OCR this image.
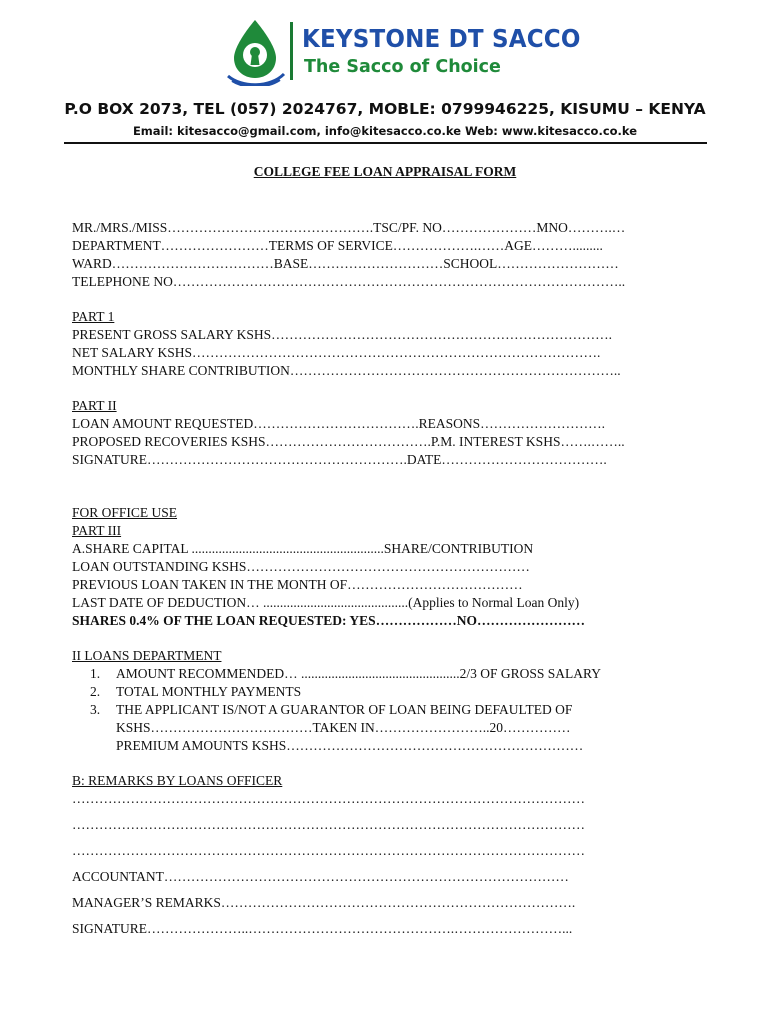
KEYSTONE DT SACCO
The Sacco of Choice
P.O BOX 2073, TEL (057) 2024767, MOBLE: 0799946225, KISUMU – KENYA
Email: kitesacco@gmail.com, info@kitesacco.co.ke Web: www.kitesacco.co.ke
COLLEGE FEE LOAN APPRAISAL FORM
MR./MRS./MISS……………………………………….TSC/PF. NO…………………MNO……….…
DEPARTMENT……………………TERMS OF SERVICE……………….……AGE……….........
WARD………………………………BASE…………………………SCHOOL………………………
TELEPHONE NO………………………………………………………………………………………..
PART 1
PRESENT GROSS SALARY KSHS………………………………………………………………….
NET SALARY KSHS……………………………………………………………………………….
MONTHLY SHARE CONTRIBUTION………………………………………………………………..
PART II
LOAN AMOUNT REQUESTED……………………………….REASONS……………………….
PROPOSED RECOVERIES KSHS……………………………….P.M. INTEREST KSHS…….……..
SIGNATURE………………………………………………….DATE……………………………….
FOR OFFICE USE
PART III
A.SHARE CAPITAL .........................................................SHARE/CONTRIBUTION
LOAN OUTSTANDING KSHS………………………………………………………
PREVIOUS LOAN TAKEN IN THE MONTH OF…………………………………
LAST DATE OF DEDUCTION… ...........................................(Applies to Normal Loan Only)
SHARES 0.4% OF THE LOAN REQUESTED: YES………………NO……………………
II LOANS DEPARTMENT
1. AMOUNT RECOMMENDED… ...............................................2/3 OF GROSS SALARY
2. TOTAL MONTHLY PAYMENTS
3. THE APPLICANT IS/NOT A GUARANTOR OF LOAN BEING DEFAULTED OF
KSHS………………………………TAKEN IN……………………..20……………
PREMIUM AMOUNTS KSHS…………………………………………………………
B: REMARKS BY LOANS OFFICER
……………………………………………………………………………………………………
……………………………………………………………………………………………………
……………………………………………………………………………………………………
ACCOUNTANT………………………………………………………………………………
MANAGER’S REMARKS…………………………………………………………………….
SIGNATURE…………………..……………………………………….……………………...
